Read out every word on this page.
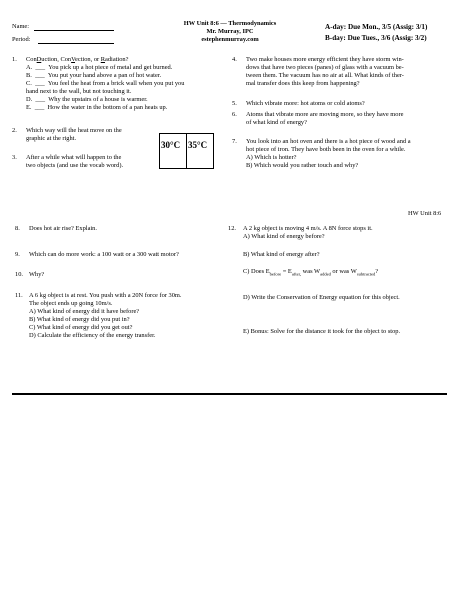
Name:
Period:
HW Unit 8:6 — Thermodynamics
Mr. Murray, IPC
estephenmurray.com
A-day: Due Mon., 3/5 (Assig: 3/1)
B-day: Due Tues., 3/6 (Assig: 3/2)
1. ConDuction, ConVection, or Radiation?
A. ___ You pick up a hot piece of metal and get burned.
B. ___ You put your hand above a pan of hot water.
C. ___ You feel the heat from a brick wall when you put you
hand next to the wall, but not touching it.
D. ___ Why the upstairs of a house is warmer.
E. ___ How the water in the bottom of a pan heats up.
2. Which way will the heat move on the
graphic at the right.
30°C 35°C
3. After a while what will happen to the
two objects (and use the vocab word).
4. Two make houses more energy efficient they have storm win-
dows that have two pieces (panes) of glass with a vacuum be-
tween them. The vacuum has no air at all. What kinds of ther-
mal transfer does this keep from happening?
5. Which vibrate more: hot atoms or cold atoms?
6. Atoms that vibrate more are moving more, so they have more
of what kind of energy?
7. You look into an hot oven and there is a hot piece of wood and a
hot piece of iron. They have both been in the oven for a while.
A) Which is hotter?
B) Which would you rather touch and why?
HW Unit 8:6
8. Does hot air rise? Explain.
9. Which can do more work: a 100 watt or a 300 watt motor?
10. Why?
11. A 6 kg object is at rest. You push with a 20N force for 30m.
The object ends up going 10m/s.
A) What kind of energy did it have before?
B) What kind of energy did you put in?
C) What kind of energy did you get out?
D) Calculate the efficiency of the energy transfer.
12. A 2 kg object is moving 4 m/s. A 8N force stops it.
A) What kind of energy before?
B) What kind of energy after?
C) Does $E_{before} = E_{after,}$ was $W_{added}$ or was $W_{subtracted}$?
D) Write the Conservation of Energy equation for this object.
E) Bonus: Solve for the distance it took for the object to stop.
